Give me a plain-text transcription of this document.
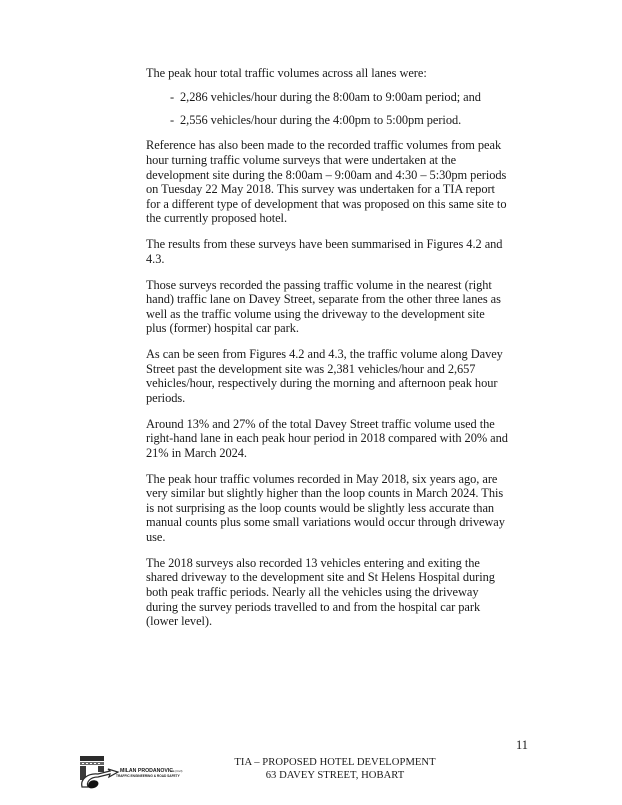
The peak hour total traffic volumes across all lanes were:

- 2,286 vehicles/hour during the 8:00am to 9:00am period; and
- 2,556 vehicles/hour during the 4:00pm to 5:00pm period.

Reference has also been made to the recorded traffic volumes from peak hour turning traffic volume surveys that were undertaken at the development site during the 8:00am – 9:00am and 4:30 – 5:30pm periods on Tuesday 22 May 2018. This survey was undertaken for a TIA report for a different type of development that was proposed on this same site to the currently proposed hotel.

The results from these surveys have been summarised in Figures 4.2 and 4.3.

Those surveys recorded the passing traffic volume in the nearest (right hand) traffic lane on Davey Street, separate from the other three lanes as well as the traffic volume using the driveway to the development site plus (former) hospital car park.

As can be seen from Figures 4.2 and 4.3, the traffic volume along Davey Street past the development site was 2,381 vehicles/hour and 2,657 vehicles/hour, respectively during the morning and afternoon peak hour periods.

Around 13% and 27% of the total Davey Street traffic volume used the right-hand lane in each peak hour period in 2018 compared with 20% and 21% in March 2024.

The peak hour traffic volumes recorded in May 2018, six years ago, are very similar but slightly higher than the loop counts in March 2024. This is not surprising as the loop counts would be slightly less accurate than manual counts plus some small variations would occur through driveway use.

The 2018 surveys also recorded 13 vehicles entering and exiting the shared driveway to the development site and St Helens Hospital during both peak traffic periods. Nearly all the vehicles using the driveway during the survey periods travelled to and from the hospital car park (lower level).

11
TIA – PROPOSED HOTEL DEVELOPMENT
63 DAVEY STREET, HOBART
MILAN PRODANOVIC
B.E.(Civil)
TRAFFIC ENGINEERING & ROAD SAFETY
